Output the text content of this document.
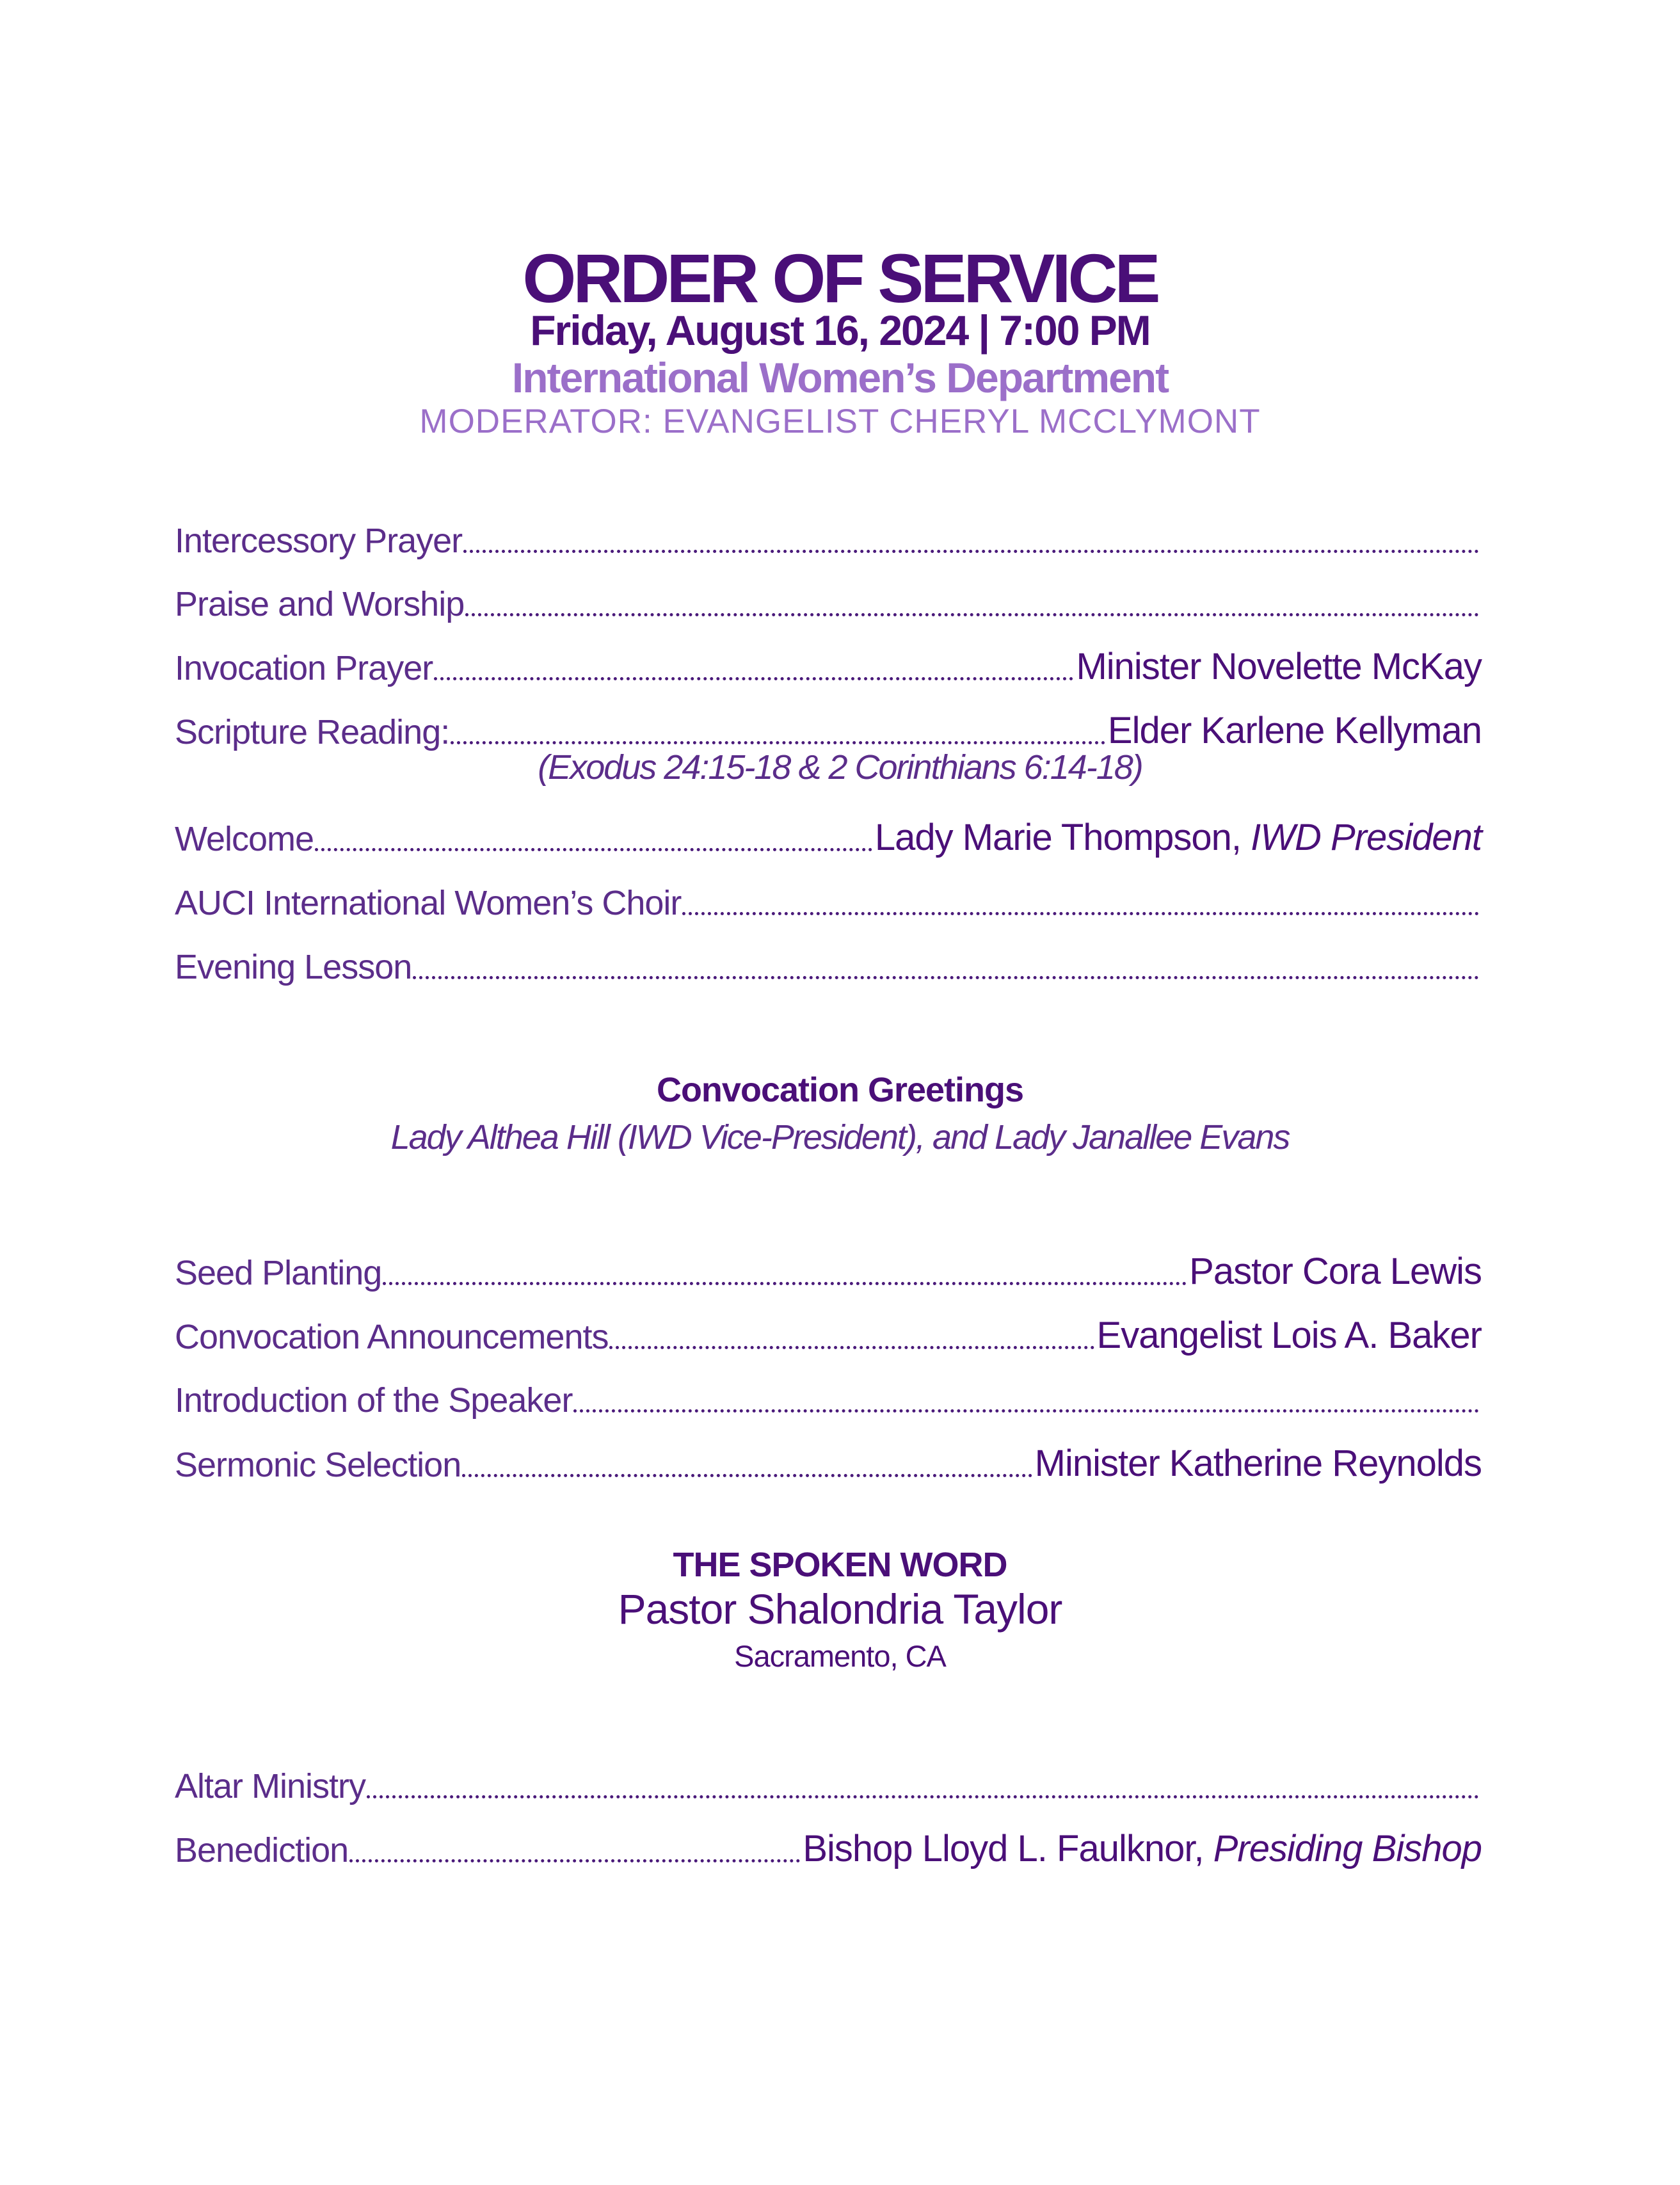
ORDER OF SERVICE
Friday, August 16, 2024 | 7:00 PM
International Women’s Department
MODERATOR: EVANGELIST CHERYL MCCLYMONT
Intercessory Prayer
Praise and Worship
Invocation Prayer	Minister Novelette McKay
Scripture Reading:	Elder Karlene Kellyman
(Exodus 24:15-18 & 2 Corinthians 6:14-18)
Welcome	Lady Marie Thompson, IWD President
AUCI International Women’s Choir
Evening Lesson
Convocation Greetings
Lady Althea Hill (IWD Vice-President), and Lady Janallee Evans
Seed Planting	Pastor Cora Lewis
Convocation Announcements	Evangelist Lois A. Baker
Introduction of the Speaker
Sermonic Selection	Minister Katherine Reynolds
THE SPOKEN WORD
Pastor Shalondria Taylor
Sacramento, CA
Altar Ministry
Benediction	Bishop Lloyd L. Faulknor, Presiding Bishop
